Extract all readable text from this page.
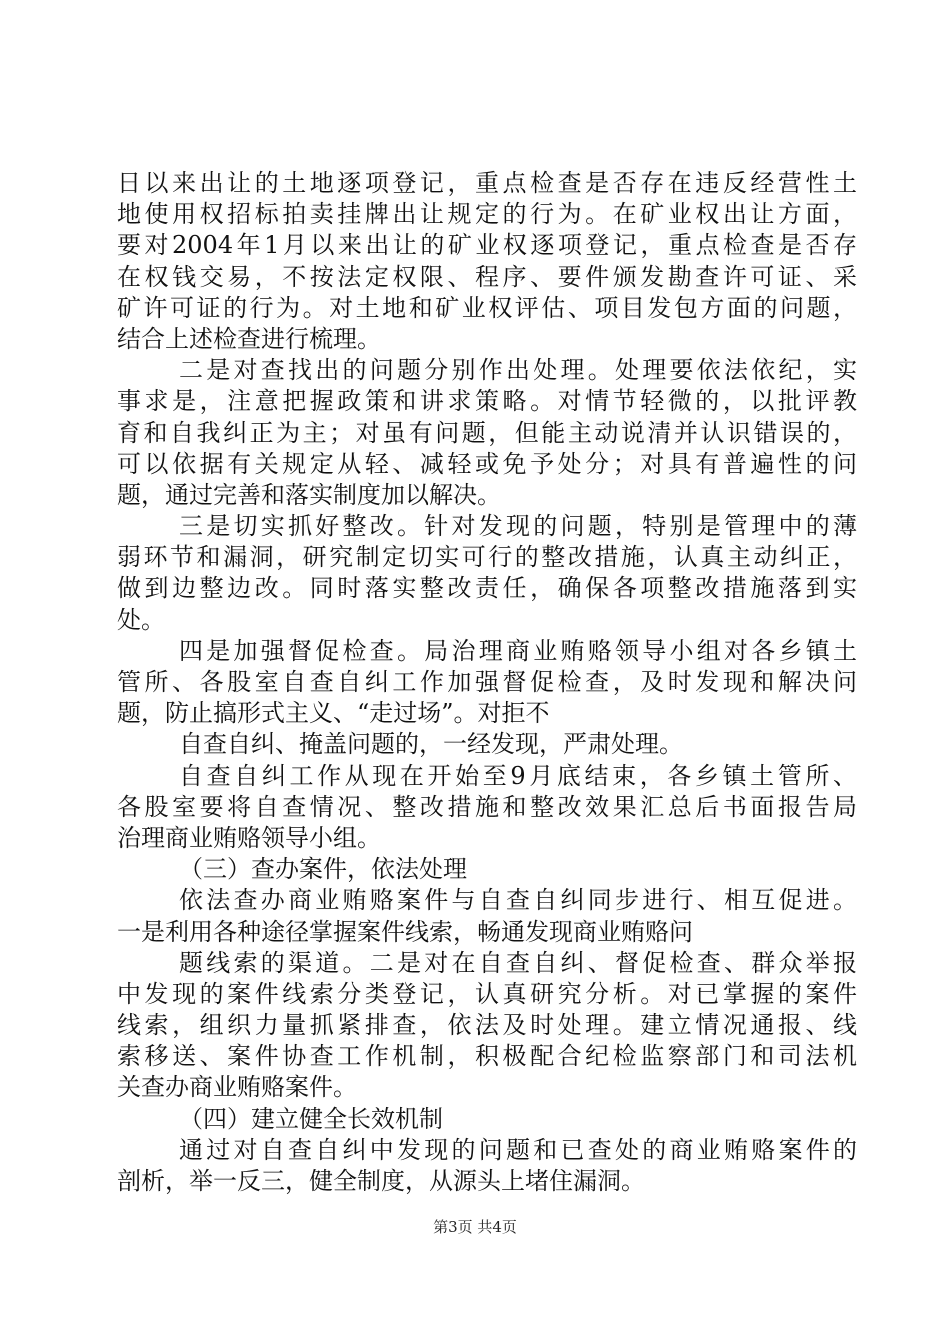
日以来出让的土地逐项登记，重点检查是否存在违反经营性土
地使用权招标拍卖挂牌出让规定的行为。在矿业权出让方面，
要对2004年1月以来出让的矿业权逐项登记，重点检查是否存
在权钱交易，不按法定权限、程序、要件颁发勘查许可证、采
矿许可证的行为。对土地和矿业权评估、项目发包方面的问题，
结合上述检查进行梳理。
二是对查找出的问题分别作出处理。处理要依法依纪，实
事求是，注意把握政策和讲求策略。对情节轻微的，以批评教
育和自我纠正为主；对虽有问题，但能主动说清并认识错误的，
可以依据有关规定从轻、减轻或免予处分；对具有普遍性的问
题，通过完善和落实制度加以解决。
三是切实抓好整改。针对发现的问题，特别是管理中的薄
弱环节和漏洞，研究制定切实可行的整改措施，认真主动纠正，
做到边整边改。同时落实整改责任，确保各项整改措施落到实
处。
四是加强督促检查。局治理商业贿赂领导小组对各乡镇土
管所、各股室自查自纠工作加强督促检查，及时发现和解决问
题，防止搞形式主义、“走过场”。对拒不
自查自纠、掩盖问题的，一经发现，严肃处理。
自查自纠工作从现在开始至9月底结束，各乡镇土管所、
各股室要将自查情况、整改措施和整改效果汇总后书面报告局
治理商业贿赂领导小组。
（三）查办案件，依法处理
依法查办商业贿赂案件与自查自纠同步进行、相互促进。
一是利用各种途径掌握案件线索，畅通发现商业贿赂问
题线索的渠道。二是对在自查自纠、督促检查、群众举报
中发现的案件线索分类登记，认真研究分析。对已掌握的案件
线索，组织力量抓紧排查，依法及时处理。建立情况通报、线
索移送、案件协查工作机制，积极配合纪检监察部门和司法机
关查办商业贿赂案件。
（四）建立健全长效机制
通过对自查自纠中发现的问题和已查处的商业贿赂案件的
剖析，举一反三，健全制度，从源头上堵住漏洞。
第3页 共4页
